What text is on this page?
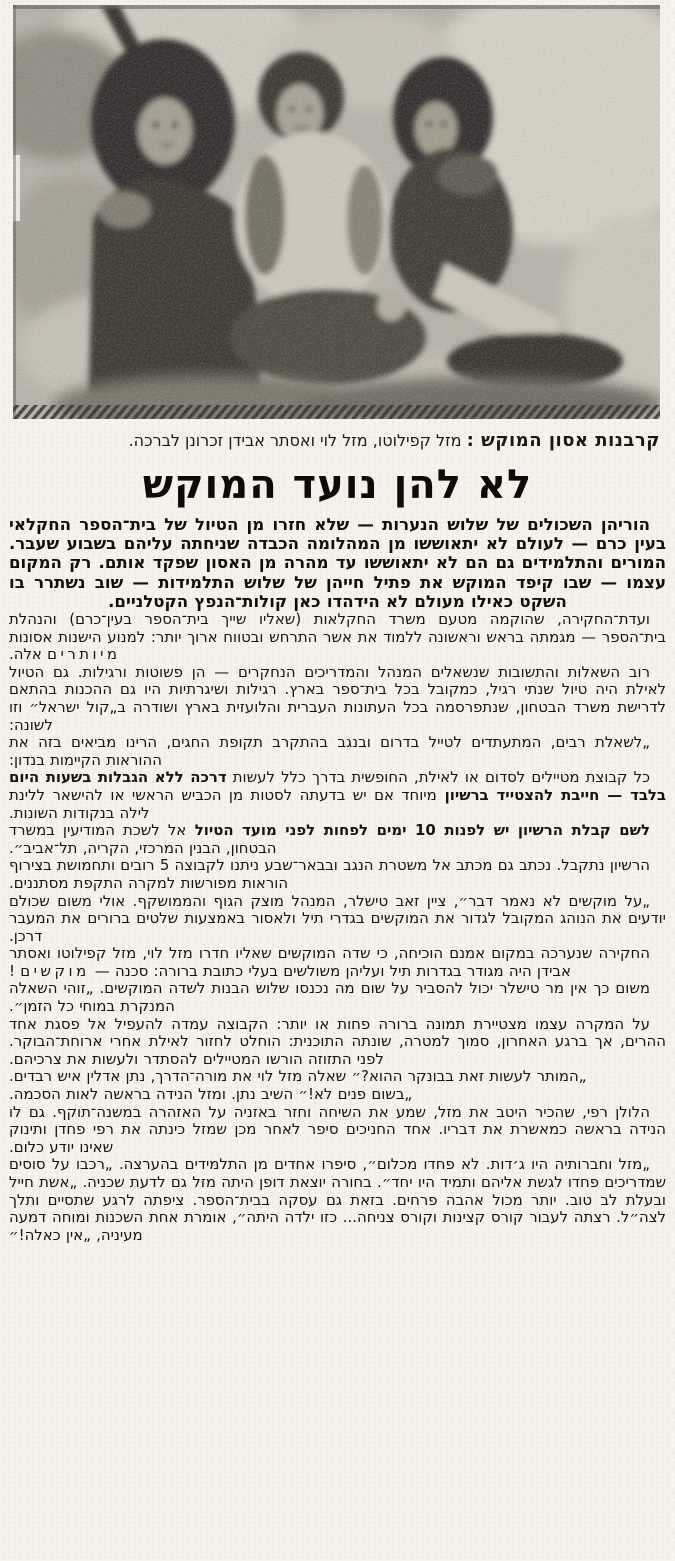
קרבנות אסון המוקש : מזל קפילוטו, מזל לוי ואסתר אבידן זכרונן לברכה.
לא להן נועד המוקש

הוריהן השכולים של שלוש הנערות — שלא חזרו מן הטיול של בית־הספר החקלאי בעין כרם — לעולם לא יתאוששו מן המהלומה הכבדה שניחתה עליהם בשבוע שעבר. המורים והתלמידים גם הם לא יתאוששו עד מהרה מן האסון שפקד אותם. רק המקום עצמו — שבו קיפד המוקש את פתיל חייהן של שלוש התלמידות — שוב נשתרר בו השקט כאילו מעולם לא הידהדו כאן קולות־הנפץ הקטלניים.

ועדת־החקירה, שהוקמה מטעם משרד החקלאות (שאליו שייך בית־הספר בעין־כרם) והנהלת בית־הספר — מגמתה בראש וראשונה ללמוד את אשר התרחש ובטווח ארוך יותר: למנוע הישנות אסונות מיותרים אלה.

רוב השאלות והתשובות שנשאלים המנהל והמדריכים הנחקרים — הן פשוטות ורגילות. גם הטיול לאילת היה טיול שנתי רגיל, כמקובל בכל בית־ספר בארץ. רגילות ושיגרתיות היו גם ההכנות בהתאם לדרישת משרד הבטחון, שנתפרסמה בכל העתונות העברית והלועזית בארץ ושודרה ב„קול ישראל״ וזו לשונה:

„לשאלת רבים, המתעתדים לטייל בדרום ובנגב בהתקרב תקופת החגים, הרינו מביאים בזה את ההוראות הקיימות בנדון:

כל קבוצת מטיילים לסדום או לאילת, החופשית בדרך כלל לעשות דרכה ללא הגבלות בשעות היום בלבד — חייבת להצטייד ברשיון מיוחד אם יש בדעתה לסטות מן הכביש הראשי או להישאר ללינת לילה בנקודות השונות.

לשם קבלת הרשיון יש לפנות 10 ימים לפחות לפני מועד הטיול אל לשכת המודיעין במשרד הבטחון, הבנין המרכזי, הקריה, תל־אביב״.

הרשיון נתקבל. נכתב גם מכתב אל משטרת הנגב ובבאר־שבע ניתנו לקבוצה 5 רובים ותחמושת בצירוף הוראות מפורשות למקרה התקפת מסתננים.

„על מוקשים לא נאמר דבר״, ציין זאב טישלר, המנהל מוצק הגוף והממושקף. אולי משום שכולם יודעים את הנוהג המקובל לגדור את המוקשים בגדרי תיל ולאסור באמצעות שלטים ברורים את המעבר דרכן.

החקירה שנערכה במקום אמנם הוכיחה, כי שדה המוקשים שאליו חדרו מזל לוי, מזל קפילוטו ואסתר אבידן היה מגודר בגדרות תיל ועליהן משולשים בעלי כתובת ברורה: סכנה — מוקשים !

משום כך אין מר טישלר יכול להסביר על שום מה נכנסו שלוש הבנות לשדה המוקשים. „זוהי השאלה המנקרת במוחי כל הזמן״.

על המקרה עצמו מצטיירת תמונה ברורה פחות או יותר: הקבוצה עמדה להעפיל אל פסגת אחד ההרים, אך ברגע האחרון, סמוך למטרה, שונתה התוכנית: הוחלט לחזור לאילת אחרי ארוחת־הבוקר. לפני התזוזה הורשו המטיילים להסתדר ולעשות את צרכיהם.

„המותר לעשות זאת בבונקר ההוא?״ שאלה מזל לוי את מורה־הדרך, נתן אדלין איש רבדים.

„בשום פנים לא!״ השיב נתן. ומזל הנידה בראשה לאות הסכמה.

הלולן רפי, שהכיר היטב את מזל, שמע את השיחה וחזר באזניה על האזהרה במשנה־תוקף. גם לו הנידה בראשה כמאשרת את דבריו. אחד החניכים סיפר לאחר מכן שמזל כינתה את רפי פחדן ותינוק שאינו יודע כלום.

„מזל וחברותיה היו ג׳דות. לא פחדו מכלום״, סיפרו אחדים מן התלמידים בהערצה. „רכבו על סוסים שמדריכים פחדו לגשת אליהם ותמיד היו יחד״. בחורה יוצאת דופן היתה מזל גם לדעת שכניה. „אשת חייל ובעלת לב טוב. יותר מכול אהבה פרחים. בזאת גם עסקה בבית־הספר. ציפתה לרגע שתסיים ותלך לצה״ל. רצתה לעבור קורס קצינות וקורס צניחה... כזו ילדה היתה״, אומרת אחת השכנות ומוחה דמעה מעיניה, „אין כאלה!״
